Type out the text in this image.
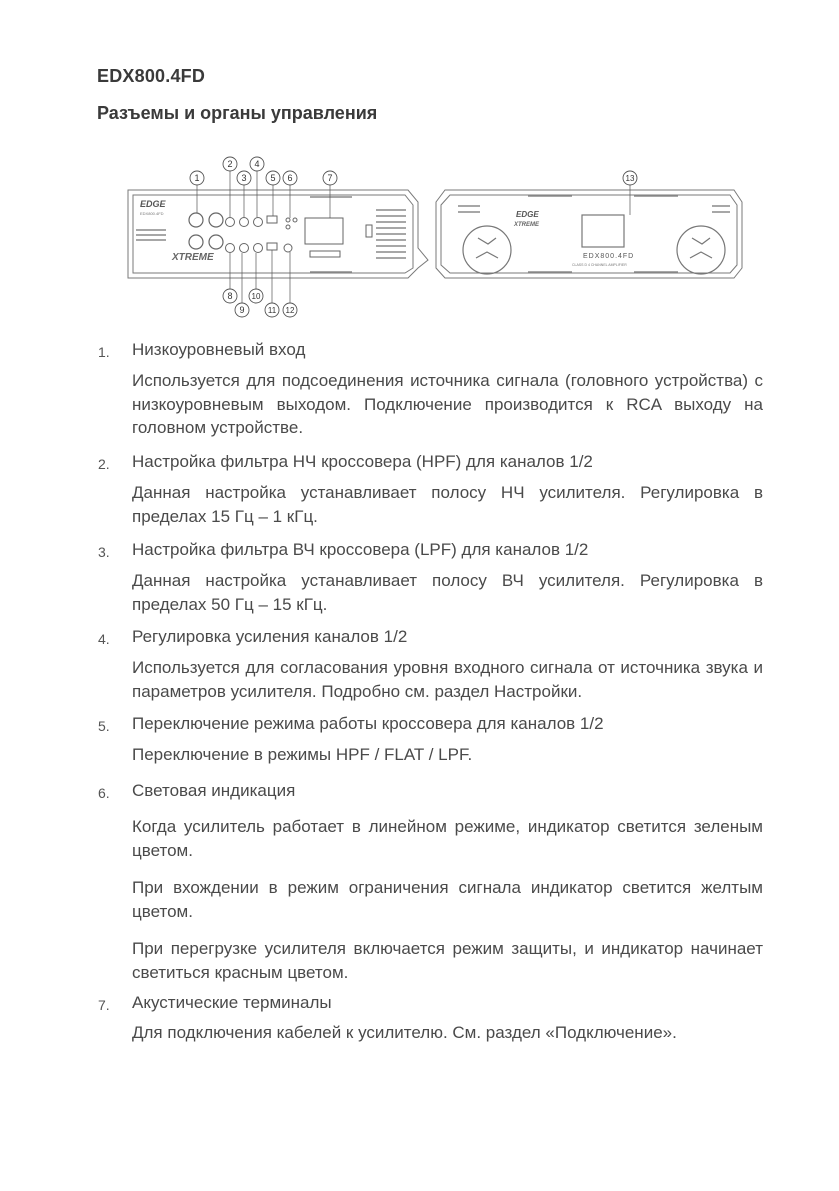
EDX800.4FD
Разъемы и органы управления
EDGE
EDX800.4FD
XTREME
EDGE
XTREME
EDX800.4FD
CLASS D 4 CHANNEL AMPLIFIER
1
2
3
4
5 6	7	13
8
9
10
11 12
1. Низкоуровневый вход
Используется для подсоединения источника сигнала (головного устройства) с низкоуровневым выходом. Подключение производится к RCA выходу на головном устройстве.
2. Настройка фильтра НЧ кроссовера (HPF) для каналов 1/2
Данная настройка устанавливает полосу НЧ усилителя. Регулировка в пределах 15 Гц – 1 кГц.
3. Настройка фильтра ВЧ кроссовера (LPF) для каналов 1/2
Данная настройка устанавливает полосу ВЧ усилителя. Регулировка в пределах 50 Гц – 15 кГц.
4. Регулировка усиления каналов 1/2
Используется для согласования уровня входного сигнала от источника звука и параметров усилителя. Подробно см. раздел Настройки.
5. Переключение режима работы кроссовера для каналов 1/2
Переключение в режимы HPF / FLAT / LPF.
6. Световая индикация
Когда усилитель работает в линейном режиме, индикатор светится зеленым цветом.
При вхождении в режим ограничения сигнала индикатор светится желтым цветом.
При перегрузке усилителя включается режим защиты, и индикатор начинает светиться красным цветом.
7. Акустические терминалы
Для подключения кабелей к усилителю. См. раздел «Подключение».
